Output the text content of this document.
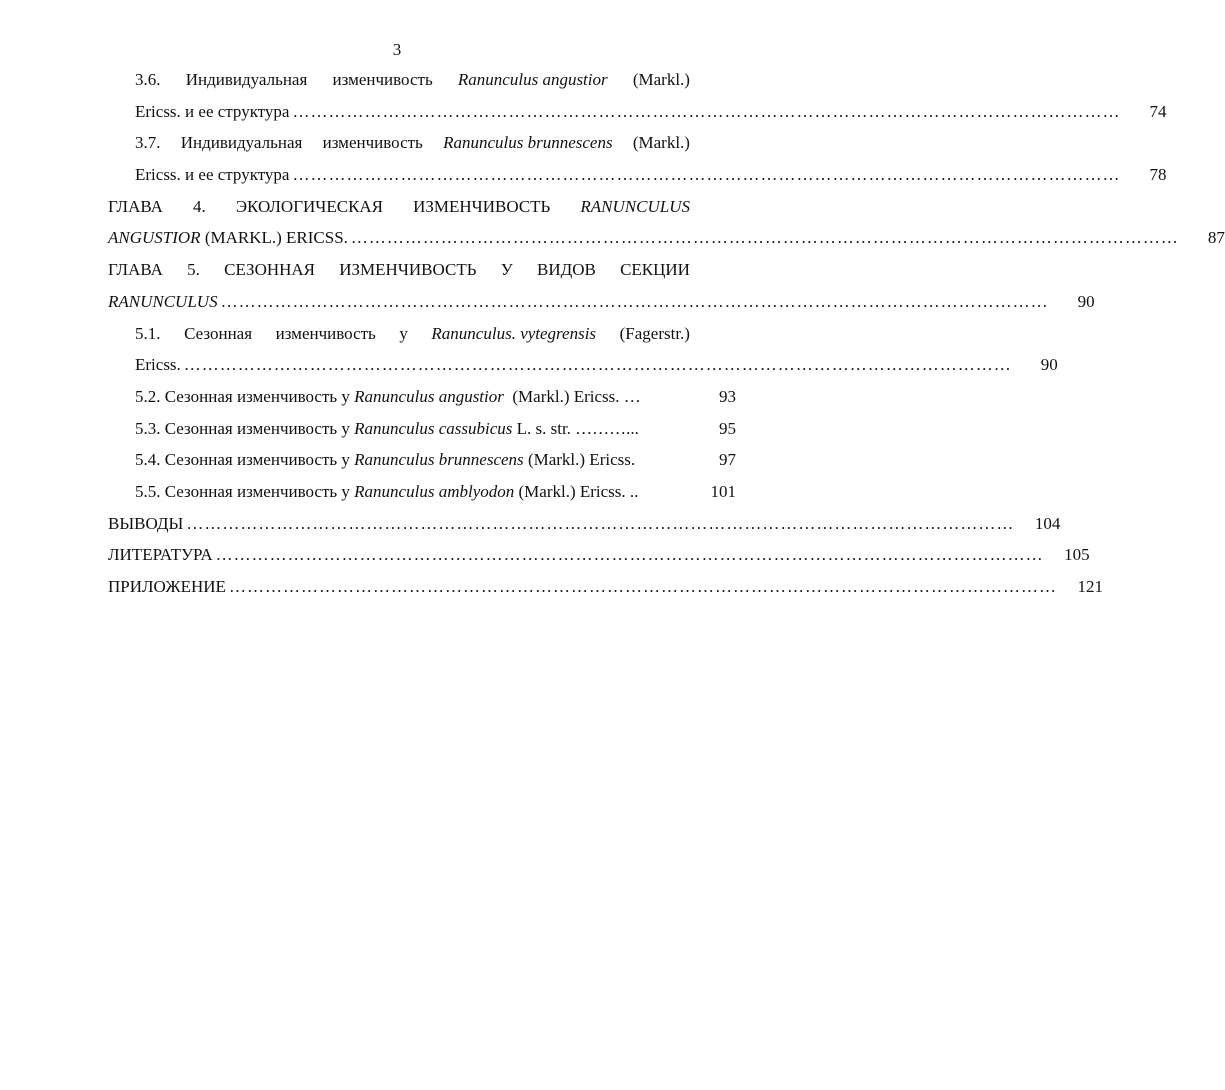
3
3.6. Индивидуальная изменчивость Ranunculus angustior (Markl.)
Ericss. и ее структура …………………………………………………………………………………………………………………………	74
3.7. Индивидуальная изменчивость Ranunculus brunnescens (Markl.)
Ericss. и ее структура …………………………………………………………………………………………………………………………	78
ГЛАВА 4. ЭКОЛОГИЧЕСКАЯ ИЗМЕНЧИВОСТЬ RANUNCULUS
ANGUSTIOR (MARKL.) ERICSS. …………………………………………………………………………………………………………………………	87
ГЛАВА 5. СЕЗОННАЯ ИЗМЕНЧИВОСТЬ У ВИДОВ СЕКЦИИ
RANUNCULUS …………………………………………………………………………………………………………………………	90
5.1. Сезонная изменчивость у Ranunculus. vytegrensis (Fagerstr.)
Ericss. …………………………………………………………………………………………………………………………	90
5.2. Сезонная изменчивость у Ranunculus angustior (Markl.) Ericss. …	93
5.3. Сезонная изменчивость у Ranunculus cassubicus L. s. str. ………...	95
5.4. Сезонная изменчивость у Ranunculus brunnescens (Markl.) Ericss.	97
5.5. Сезонная изменчивость у Ranunculus amblyodon (Markl.) Ericss. ..	101
ВЫВОДЫ …………………………………………………………………………………………………………………………	104
ЛИТЕРАТУРА …………………………………………………………………………………………………………………………	105
ПРИЛОЖЕНИЕ …………………………………………………………………………………………………………………………	121
